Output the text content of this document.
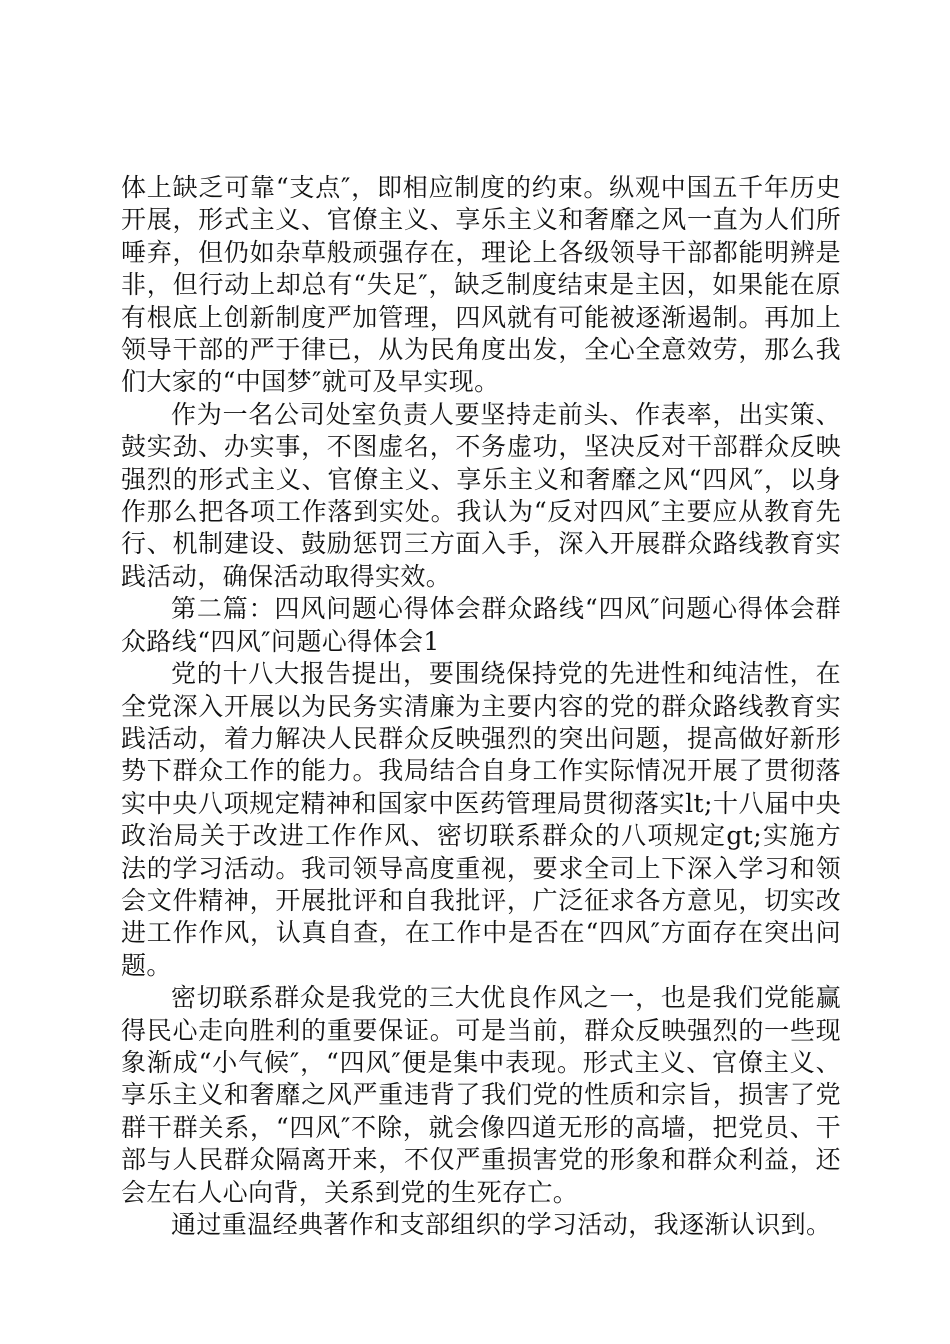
体上缺乏可靠“支点″，即相应制度的约束。纵观中国五千年历史开展，形式主义、官僚主义、享乐主义和奢靡之风一直为人们所唾弃，但仍如杂草般顽强存在，理论上各级领导干部都能明辨是非，但行动上却总有“失足″，缺乏制度结束是主因，如果能在原有根底上创新制度严加管理，四风就有可能被逐渐遏制。再加上领导干部的严于律已，从为民角度出发，全心全意效劳，那么我们大家的“中国梦″就可及早实现。

作为一名公司处室负责人要坚持走前头、作表率，出实策、鼓实劲、办实事，不图虚名，不务虚功，坚决反对干部群众反映强烈的形式主义、官僚主义、享乐主义和奢靡之风“四风″，以身作那么把各项工作落到实处。我认为“反对四风″主要应从教育先行、机制建设、鼓励惩罚三方面入手，深入开展群众路线教育实践活动，确保活动取得实效。

第二篇：四风问题心得体会群众路线“四风″问题心得体会群众路线“四风″问题心得体会1

党的十八大报告提出，要围绕保持党的先进性和纯洁性，在全党深入开展以为民务实清廉为主要内容的党的群众路线教育实践活动，着力解决人民群众反映强烈的突出问题，提高做好新形势下群众工作的能力。我局结合自身工作实际情况开展了贯彻落实中央八项规定精神和国家中医药管理局贯彻落实lt;十八届中央政治局关于改进工作作风、密切联系群众的八项规定gt;实施方法的学习活动。我司领导高度重视，要求全司上下深入学习和领会文件精神，开展批评和自我批评，广泛征求各方意见，切实改进工作作风，认真自查，在工作中是否在“四风″方面存在突出问题。

密切联系群众是我党的三大优良作风之一，也是我们党能赢得民心走向胜利的重要保证。可是当前，群众反映强烈的一些现象渐成“小气候″，“四风″便是集中表现。形式主义、官僚主义、享乐主义和奢靡之风严重违背了我们党的性质和宗旨，损害了党群干群关系，“四风″不除，就会像四道无形的高墙，把党员、干部与人民群众隔离开来，不仅严重损害党的形象和群众利益，还会左右人心向背，关系到党的生死存亡。

通过重温经典著作和支部组织的学习活动，我逐渐认识到。
